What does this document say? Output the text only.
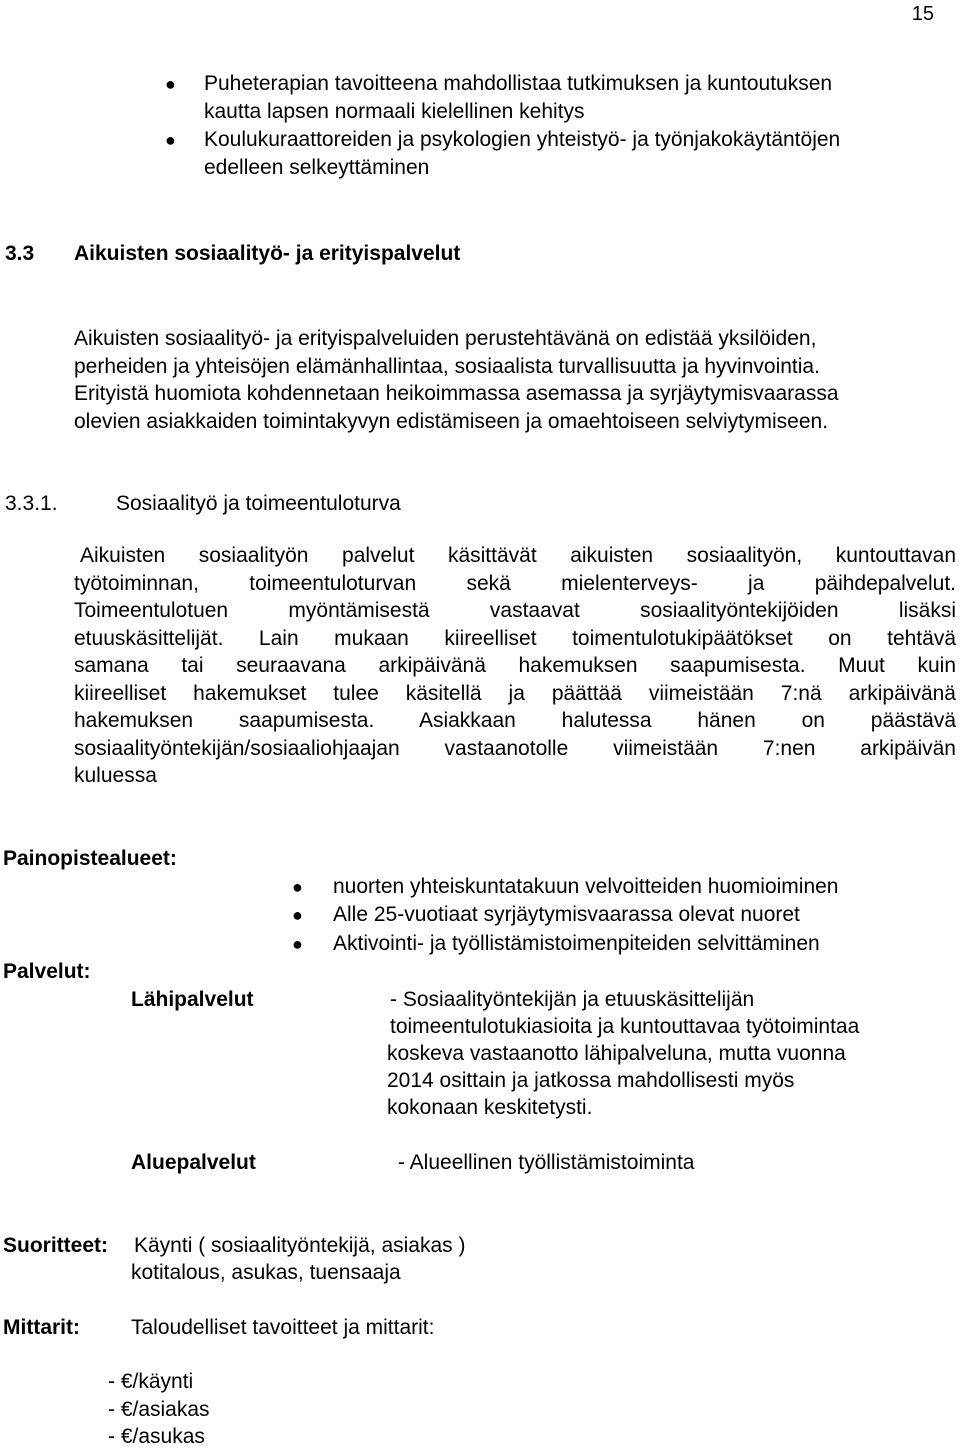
15
● Puheterapian tavoitteena mahdollistaa tutkimuksen ja kuntoutuksen
kautta lapsen normaali kielellinen kehitys
● Koulukuraattoreiden ja psykologien yhteistyö- ja työnjakokäytäntöjen
edelleen selkeyttäminen
3.3 Aikuisten sosiaalityö- ja erityispalvelut
Aikuisten sosiaalityö- ja erityispalveluiden perustehtävänä on edistää yksilöiden,
perheiden ja yhteisöjen elämänhallintaa, sosiaalista turvallisuutta ja hyvinvointia.
Erityistä huomiota kohdennetaan heikoimmassa asemassa ja syrjäytymisvaarassa
olevien asiakkaiden toimintakyvyn edistämiseen ja omaehtoiseen selviytymiseen.
3.3.1.	Sosiaalityö ja toimeentuloturva
Aikuisten sosiaalityön palvelut käsittävät aikuisten sosiaalityön, kuntouttavan
työtoiminnan, toimeentuloturvan sekä mielenterveys- ja päihdepalvelut.
Toimeentulotuen myöntämisestä vastaavat sosiaalityöntekijöiden lisäksi
etuuskäsittelijät. Lain mukaan kiireelliset toimentulotukipäätökset on tehtävä
samana tai seuraavana arkipäivänä hakemuksen saapumisesta. Muut kuin
kiireelliset hakemukset tulee käsitellä ja päättää viimeistään 7:nä arkipäivänä
hakemuksen saapumisesta. Asiakkaan halutessa hänen on päästävä
sosiaalityöntekijän/sosiaaliohjaajan vastaanotolle viimeistään 7:nen arkipäivän
kuluessa
Painopistealueet:
● nuorten yhteiskuntatakuun velvoitteiden huomioiminen
● Alle 25-vuotiaat syrjäytymisvaarassa olevat nuoret
● Aktivointi- ja työllistämistoimenpiteiden selvittäminen
Palvelut:
Lähipalvelut	- Sosiaalityöntekijän ja etuuskäsittelijän
toimeentulotukiasioita ja kuntouttavaa työtoimintaa
koskeva vastaanotto lähipalveluna, mutta vuonna
2014 osittain ja jatkossa mahdollisesti myös
kokonaan keskitetysti.
Aluepalvelut	- Alueellinen työllistämistoiminta
Suoritteet: Käynti ( sosiaalityöntekijä, asiakas )
kotitalous, asukas, tuensaaja
Mittarit: Taloudelliset tavoitteet ja mittarit:
- €/käynti
- €/asiakas
- €/asukas
